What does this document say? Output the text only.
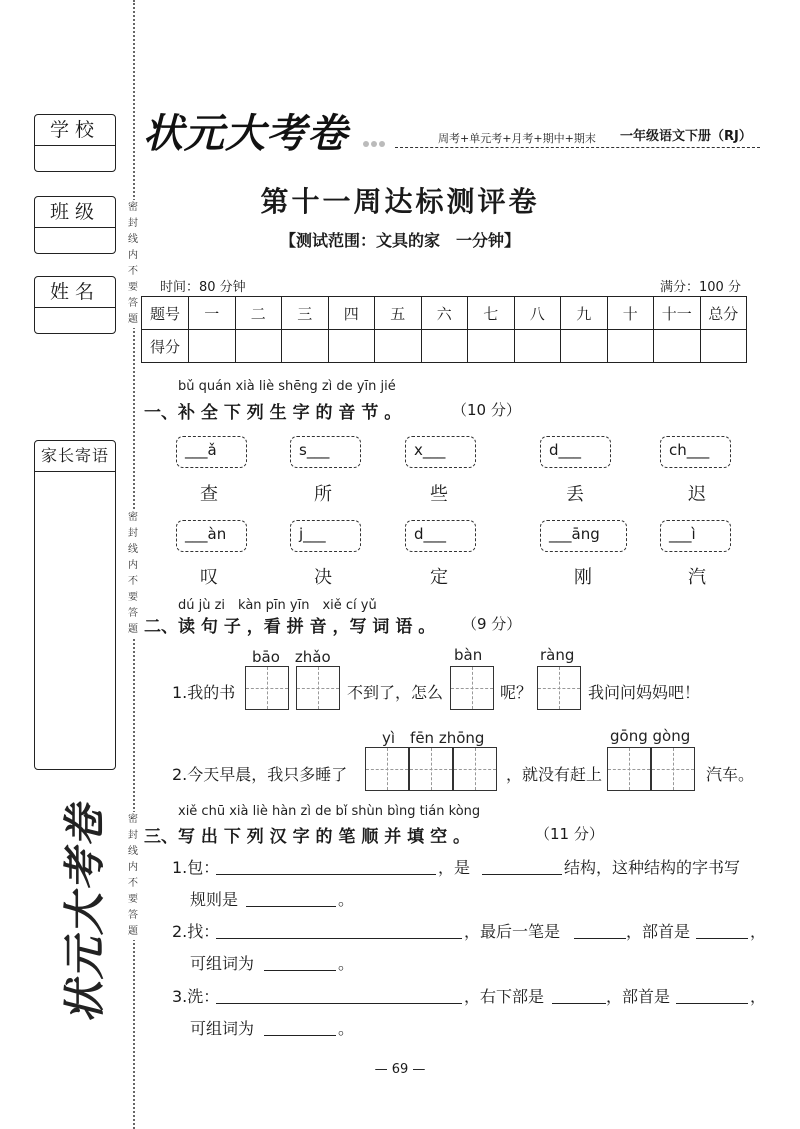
学校
班级
姓名
家长寄语
密
封
线
内
不
要
答
题
密
封
线
内
不
要
答
题
密
封
线
内
不
要
答
题
状元大考卷
状元大考卷	周考+单元考+月考+期中+期末 一年级语文下册（RJ）
第十一周达标测评卷
【测试范围：文具的家　一分钟】
时间：80 分钟	满分：100 分
题号	一	二	三	四	五	六	七	八	九	十	十一	总分
得分												
bǔ quán xià liè shēng zì de yīn jié
一、补 全 下 列 生 字 的 音 节 。	（10 分）
___ǎ	s___	x___	d___	ch___
查	所	些	丢	迟
___àn	j___	d___	___āng	___ì
叹	决	定	刚	汽
dú jù zi　kàn pīn yīn　xiě cí yǔ
二、读 句 子 ，看 拼 音 ，写 词 语 。 （9 分）
1.我的书
bāo　zhǎo
不到了，怎么
bàn
呢？
ràng
我问问妈妈吧！
2.今天早晨，我只多睡了
yì　fēn zhōng
，就没有赶上
gōng gòng
汽车。
xiě chū xià liè hàn zì de bǐ shùn bìng tián kòng
三、写 出 下 列 汉 字 的 笔 顺 并 填 空 。	（11 分）
1.包：	，是	结构，这种结构的字书写
规则是	。
2.找：	，最后一笔是	，部首是	，
可组词为	。
3.洗：	，右下部是	，部首是	，
可组词为	。
— 69 —
